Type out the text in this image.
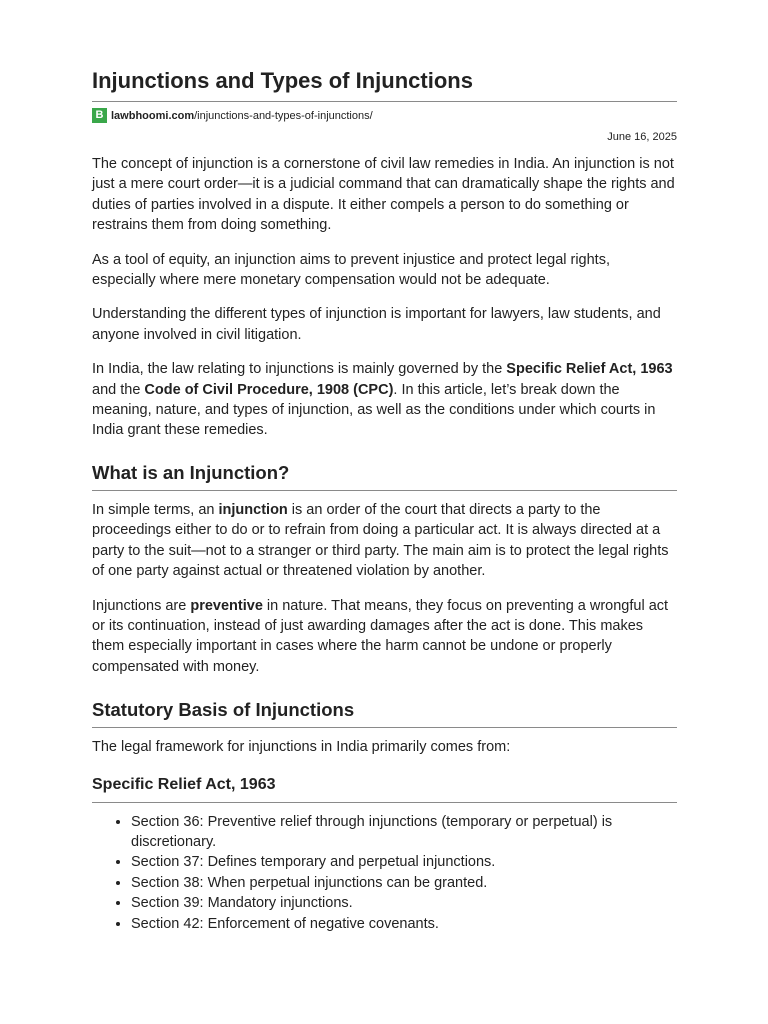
Injunctions and Types of Injunctions
B lawbhoomi.com /injunctions-and-types-of-injunctions/
June 16, 2025

The concept of injunction is a cornerstone of civil law remedies in India. An injunction is not just a mere court order—it is a judicial command that can dramatically shape the rights and duties of parties involved in a dispute. It either compels a person to do something or restrains them from doing something.

As a tool of equity, an injunction aims to prevent injustice and protect legal rights, especially where mere monetary compensation would not be adequate.

Understanding the different types of injunction is important for lawyers, law students, and anyone involved in civil litigation.

In India, the law relating to injunctions is mainly governed by the Specific Relief Act, 1963 and the Code of Civil Procedure, 1908 (CPC). In this article, let’s break down the meaning, nature, and types of injunction, as well as the conditions under which courts in India grant these remedies.

What is an Injunction?

In simple terms, an injunction is an order of the court that directs a party to the proceedings either to do or to refrain from doing a particular act. It is always directed at a party to the suit—not to a stranger or third party. The main aim is to protect the legal rights of one party against actual or threatened violation by another.

Injunctions are preventive in nature. That means, they focus on preventing a wrongful act or its continuation, instead of just awarding damages after the act is done. This makes them especially important in cases where the harm cannot be undone or properly compensated with money.

Statutory Basis of Injunctions

The legal framework for injunctions in India primarily comes from:

Specific Relief Act, 1963
• Section 36: Preventive relief through injunctions (temporary or perpetual) is discretionary.
• Section 37: Defines temporary and perpetual injunctions.
• Section 38: When perpetual injunctions can be granted.
• Section 39: Mandatory injunctions.
• Section 42: Enforcement of negative covenants.
